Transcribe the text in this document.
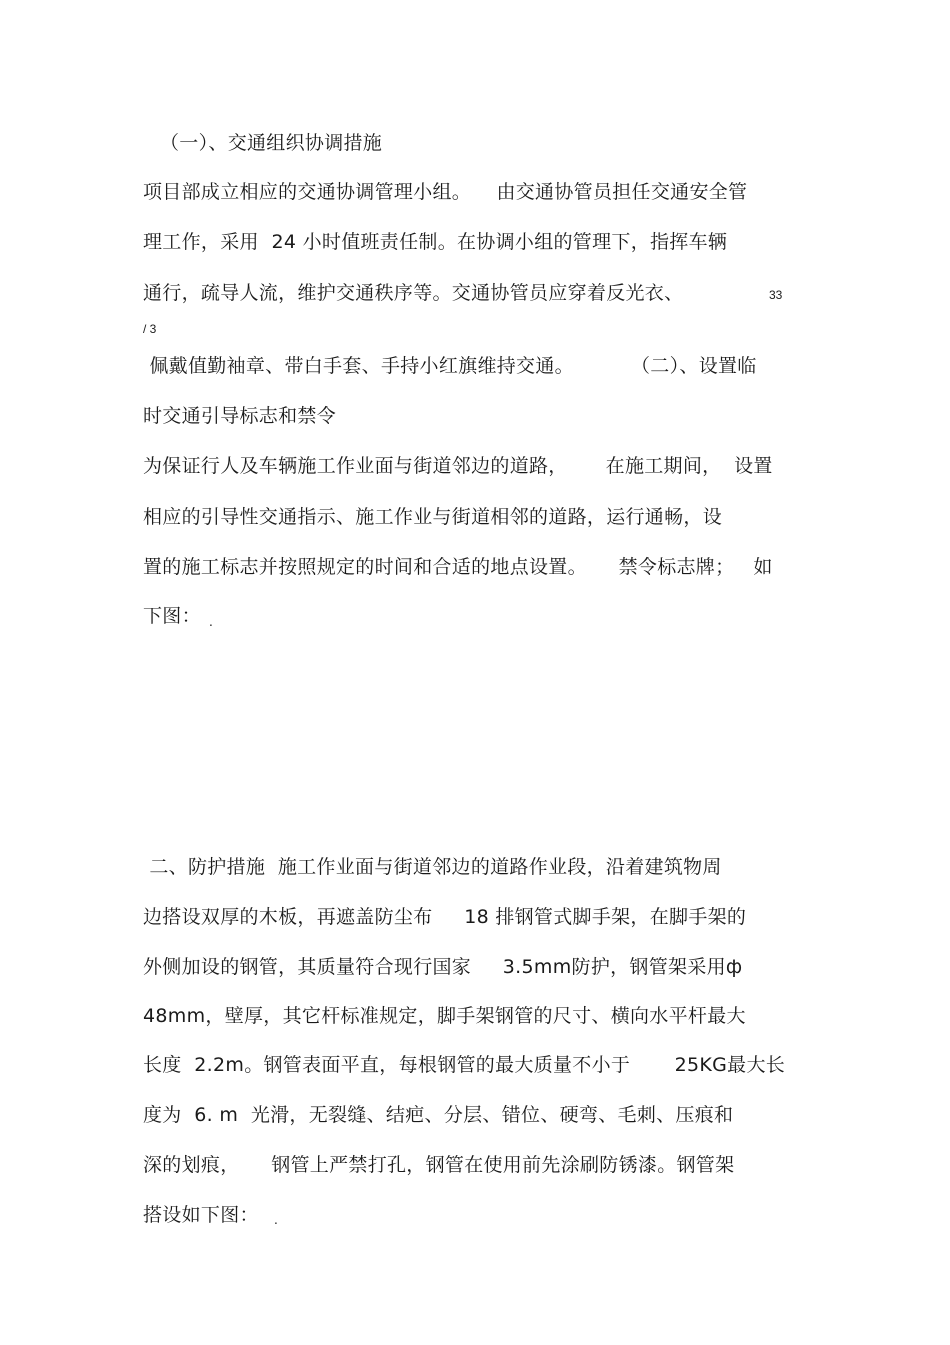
（一）、交通组织协调措施
项目部成立相应的交通协调管理小组。    由交通协管员担任交通安全管
理工作，采用  24 小时值班责任制。在协调小组的管理下，指挥车辆
通行，疏导人流，维护交通秩序等。交通协管员应穿着反光衣、	33
/ 3
佩戴值勤袖章、带白手套、手持小红旗维持交通。         （二）、设置临
时交通引导标志和禁令
为保证行人及车辆施工作业面与街道邻边的道路，      在施工期间，  设置
相应的引导性交通指示、施工作业与街道相邻的道路，运行通畅，设
置的施工标志并按照规定的时间和合适的地点设置。     禁令标志牌；   如
下图： .
二、防护措施  施工作业面与街道邻边的道路作业段，沿着建筑物周
边搭设双厚的木板，再遮盖防尘布     18 排钢管式脚手架，在脚手架的
外侧加设的钢管，其质量符合现行国家     3.5mm防护，钢管架采用ф
48mm，壁厚，其它杆标准规定，脚手架钢管的尺寸、横向水平杆最大
长度  2.2m。钢管表面平直，每根钢管的最大质量不小于       25KG最大长
度为  6. m  光滑，无裂缝、结疤、分层、错位、硬弯、毛刺、压痕和
深的划痕，     钢管上严禁打孔，钢管在使用前先涂刷防锈漆。钢管架
搭设如下图： .
